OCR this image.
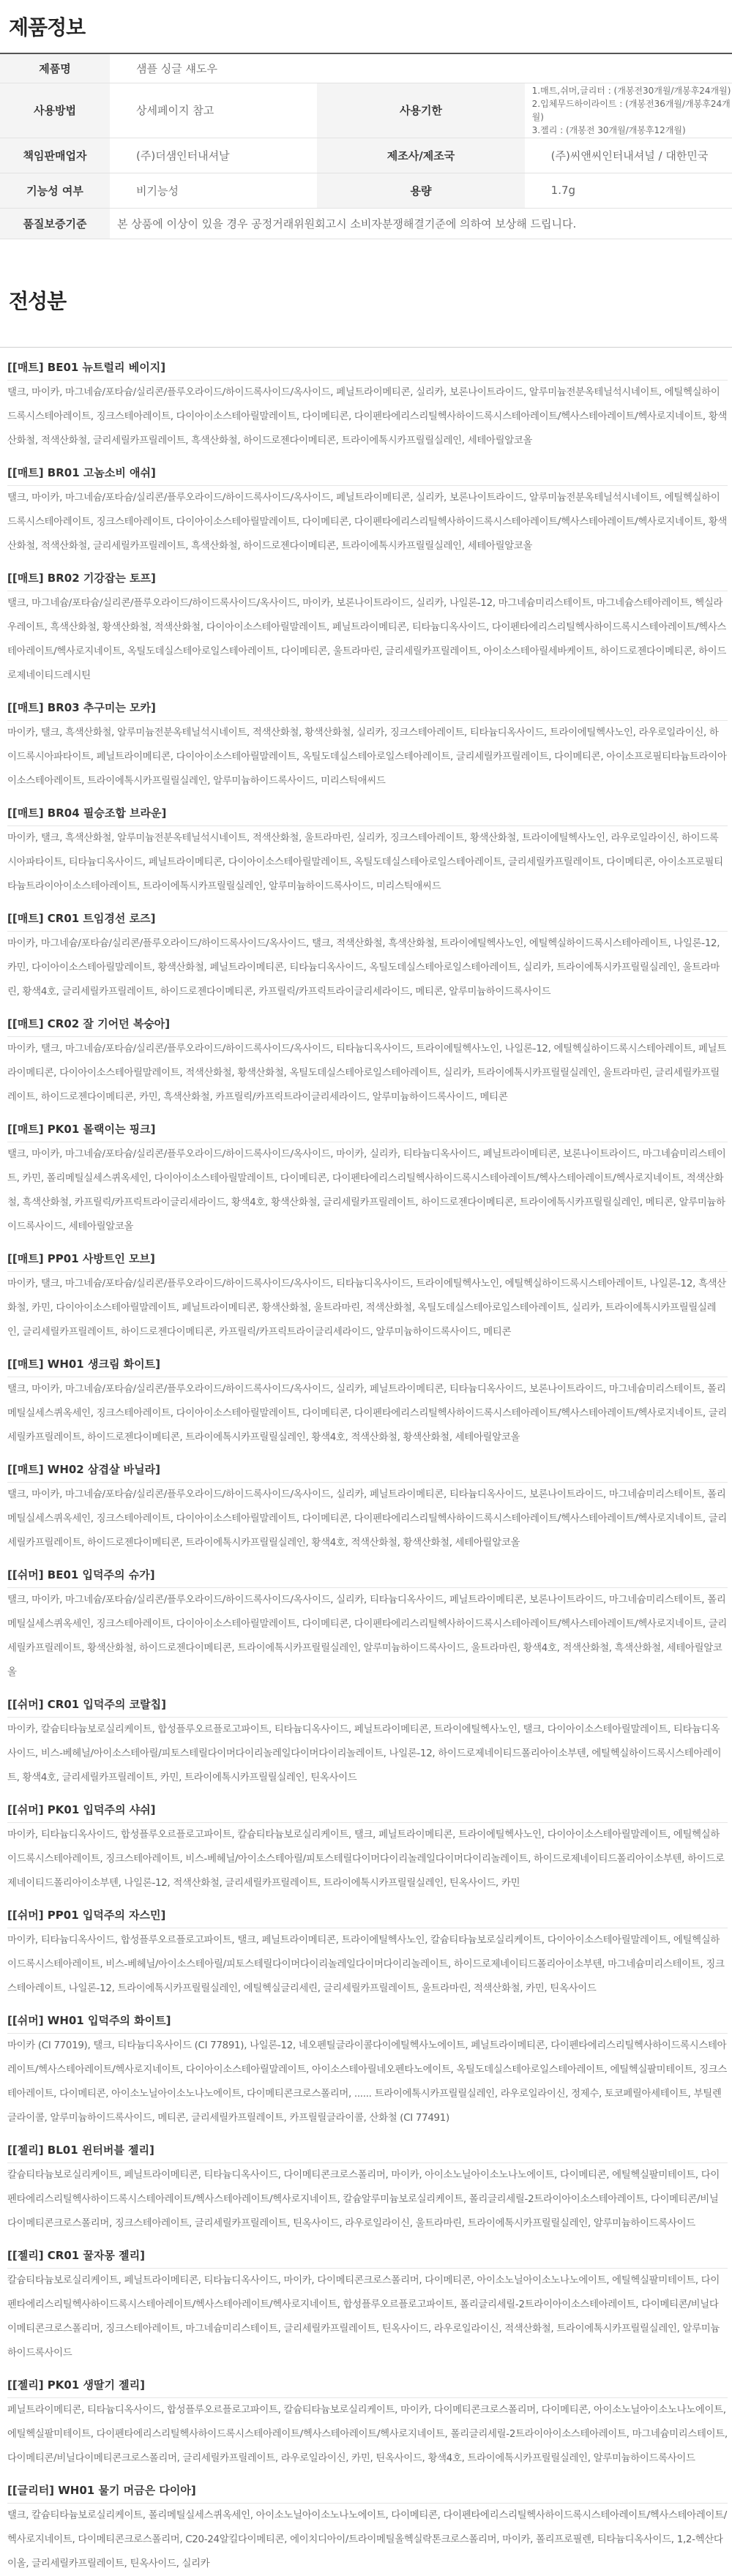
제품정보
제품명	샘플 싱글 섀도우		
사용방법	상세페이지 참고	사용기한	1.매트,쉬머,글리터 : (개봉전30개월/개봉후24개월)
2.입체무드하이라이트 : (개봉전36개월/개봉후24개월)
3.젤리 : (개봉전 30개월/개봉후12개월)

책임판매업자	(주)더샘인터내셔날	제조사/제조국	(주)씨앤씨인터내셔널 / 대한민국
기능성 여부	비기능성	용량	1.7g
품질보증기준	본 상품에 이상이 있을 경우 공정거래위원회고시 소비자분쟁해결기준에 의하여 보상해 드립니다.		
전성분
[[매트] BE01 뉴트럴리 베이지]
탤크, 마이카, 마그네슘/포타슘/실리콘/플루오라이드/하이드록사이드/옥사이드, 페닐트라이메티콘, 실리카, 보론나이트라이드, 알루미늄전분옥테닐석시네이트, 에틸헥실하이드록시스테아레이트, 징크스테아레이트, 다이아이소스테아릴말레이트, 다이메티콘, 다이펜타에리스리틸헥사하이드록시스테아레이트/헥사스테아레이트/헥사로지네이트, 황색산화철, 적색산화철, 글리세릴카프릴레이트, 흑색산화철, 하이드로젠다이메티콘, 트라이에톡시카프릴릴실레인, 세테아릴알코올
[[매트] BR01 고놈소비 애쉬]
탤크, 마이카, 마그네슘/포타슘/실리콘/플루오라이드/하이드록사이드/옥사이드, 페닐트라이메티콘, 실리카, 보론나이트라이드, 알루미늄전분옥테닐석시네이트, 에틸헥실하이드록시스테아레이트, 징크스테아레이트, 다이아이소스테아릴말레이트, 다이메티콘, 다이펜타에리스리틸헥사하이드록시스테아레이트/헥사스테아레이트/헥사로지네이트, 황색산화철, 적색산화철, 글리세릴카프릴레이트, 흑색산화철, 하이드로젠다이메티콘, 트라이에톡시카프릴릴실레인, 세테아릴알코올
[[매트] BR02 기강잡는 토프]
탤크, 마그네슘/포타슘/실리콘/플루오라이드/하이드록사이드/옥사이드, 마이카, 보론나이트라이드, 실리카, 나일론-12, 마그네슘미리스테이트, 마그네슘스테아레이트, 헥실라우레이트, 흑색산화철, 황색산화철, 적색산화철, 다이아이소스테아릴말레이트, 페닐트라이메티콘, 티타늄디옥사이드, 다이펜타에리스리틸헥사하이드록시스테아레이트/헥사스테아레이트/헥사로지네이트, 옥틸도데실스테아로일스테아레이트, 다이메티콘, 울트라마린, 글리세릴카프릴레이트, 아이소스테아릴세바케이트, 하이드로젠다이메티콘, 하이드로제네이티드레시틴
[[매트] BR03 추구미는 모카]
마이카, 탤크, 흑색산화철, 알루미늄전분옥테닐석시네이트, 적색산화철, 황색산화철, 실리카, 징크스테아레이트, 티타늄디옥사이드, 트라이에틸헥사노인, 라우로일라이신, 하이드록시아파타이트, 페닐트라이메티콘, 다이아이소스테아릴말레이트, 옥틸도데실스테아로일스테아레이트, 글리세릴카프릴레이트, 다이메티콘, 아이소프로필티타늄트라이아이소스테아레이트, 트라이에톡시카프릴릴실레인, 알루미늄하이드록사이드, 미리스틱애씨드
[[매트] BR04 필승조합 브라운]
마이카, 탤크, 흑색산화철, 알루미늄전분옥테닐석시네이트, 적색산화철, 울트라마린, 실리카, 징크스테아레이트, 황색산화철, 트라이에틸헥사노인, 라우로일라이신, 하이드록시아파타이트, 티타늄디옥사이드, 페닐트라이메티콘, 다이아이소스테아릴말레이트, 옥틸도데실스테아로일스테아레이트, 글리세릴카프릴레이트, 다이메티콘, 아이소프로필티타늄트라이아이소스테아레이트, 트라이에톡시카프릴릴실레인, 알루미늄하이드록사이드, 미리스틱애씨드
[[매트] CR01 트임경선 로즈]
마이카, 마그네슘/포타슘/실리콘/플루오라이드/하이드록사이드/옥사이드, 탤크, 적색산화철, 흑색산화철, 트라이에틸헥사노인, 에틸헥실하이드록시스테아레이트, 나일론-12, 카민, 다이아이소스테아릴말레이트, 황색산화철, 페닐트라이메티콘, 티타늄디옥사이드, 옥틸도데실스테아로일스테아레이트, 실리카, 트라이에톡시카프릴릴실레인, 울트라마린, 황색4호, 글리세릴카프릴레이트, 하이드로젠다이메티콘, 카프릴릭/카프릭트라이글리세라이드, 메티콘, 알루미늄하이드록사이드
[[매트] CR02 잘 기어던 복숭아]
마이카, 탤크, 마그네슘/포타슘/실리콘/플루오라이드/하이드록사이드/옥사이드, 티타늄디옥사이드, 트라이에틸헥사노인, 나일론-12, 에틸헥실하이드록시스테아레이트, 페닐트라이메티콘, 다이아이소스테아릴말레이트, 적색산화철, 황색산화철, 옥틸도데실스테아로일스테아레이트, 실리카, 트라이에톡시카프릴릴실레인, 울트라마린, 글리세릴카프릴레이트, 하이드로젠다이메티콘, 카민, 흑색산화철, 카프릴릭/카프릭트라이글리세라이드, 알루미늄하이드록사이드, 메티콘
[[매트] PK01 몰랙이는 핑크]
탤크, 마이카, 마그네슘/포타슘/실리콘/플루오라이드/하이드록사이드/옥사이드, 마이카, 실리카, 티타늄디옥사이드, 페닐트라이메티콘, 보론나이트라이드, 마그네슘미리스테이트, 카민, 폴리메틸실세스퀴옥세인, 다이아이소스테아릴말레이트, 다이메티콘, 다이펜타에리스리틸헥사하이드록시스테아레이트/헥사스테아레이트/헥사로지네이트, 적색산화철, 흑색산화철, 카프릴릭/카프릭트라이글리세라이드, 황색4호, 황색산화철, 글리세릴카프릴레이트, 하이드로젠다이메티콘, 트라이에톡시카프릴릴실레인, 메티콘, 알루미늄하이드록사이드, 세테아릴알코올
[[매트] PP01 사방트인 모브]
마이카, 탤크, 마그네슘/포타슘/실리콘/플루오라이드/하이드록사이드/옥사이드, 티타늄디옥사이드, 트라이에틸헥사노인, 에틸헥실하이드록시스테아레이트, 나일론-12, 흑색산화철, 카민, 다이아이소스테아릴말레이트, 페닐트라이메티콘, 황색산화철, 울트라마린, 적색산화철, 옥틸도데실스테아로일스테아레이트, 실리카, 트라이에톡시카프릴릴실레인, 글리세릴카프릴레이트, 하이드로젠다이메티콘, 카프릴릭/카프릭트라이글리세라이드, 알루미늄하이드록사이드, 메티콘
[[매트] WH01 생크림 화이트]
탤크, 마이카, 마그네슘/포타슘/실리콘/플루오라이드/하이드록사이드/옥사이드, 실리카, 페닐트라이메티콘, 티타늄디옥사이드, 보론나이트라이드, 마그네슘미리스테이트, 폴리메틸실세스퀴옥세인, 징크스테아레이트, 다이아이소스테아릴말레이트, 다이메티콘, 다이펜타에리스리틸헥사하이드록시스테아레이트/헥사스테아레이트/헥사로지네이트, 글리세릴카프릴레이트, 하이드로젠다이메티콘, 트라이에톡시카프릴릴실레인, 황색4호, 적색산화철, 황색산화철, 세테아릴알코올
[[매트] WH02 삼겹살 바닐라]
탤크, 마이카, 마그네슘/포타슘/실리콘/플루오라이드/하이드록사이드/옥사이드, 실리카, 페닐트라이메티콘, 티타늄디옥사이드, 보론나이트라이드, 마그네슘미리스테이트, 폴리메틸실세스퀴옥세인, 징크스테아레이트, 다이아이소스테아릴말레이트, 다이메티콘, 다이펜타에리스리틸헥사하이드록시스테아레이트/헥사스테아레이트/헥사로지네이트, 글리세릴카프릴레이트, 하이드로젠다이메티콘, 트라이에톡시카프릴릴실레인, 황색4호, 적색산화철, 황색산화철, 세테아릴알코올
[[쉬머] BE01 입덕주의 슈가]
탤크, 마이카, 마그네슘/포타슘/실리콘/플루오라이드/하이드록사이드/옥사이드, 실리카, 티타늄디옥사이드, 페닐트라이메티콘, 보론나이트라이드, 마그네슘미리스테이트, 폴리메틸실세스퀴옥세인, 징크스테아레이트, 다이아이소스테아릴말레이트, 다이메티콘, 다이펜타에리스리틸헥사하이드록시스테아레이트/헥사스테아레이트/헥사로지네이트, 글리세릴카프릴레이트, 황색산화철, 하이드로젠다이메티콘, 트라이에톡시카프릴릴실레인, 알루미늄하이드록사이드, 울트라마린, 황색4호, 적색산화철, 흑색산화철, 세테아릴알코올
[[쉬머] CR01 입덕주의 코랄칩]
마이카, 칼슘티타늄보로실리케이트, 합성플루오르플로고파이트, 티타늄디옥사이드, 페닐트라이메티콘, 트라이에틸헥사노인, 탤크, 다이아이소스테아릴말레이트, 티타늄디옥사이드, 비스-베헤닐/아이소스테아릴/피토스테릴다이머다이리놀레일다이머다이리놀레이트, 나일론-12, 하이드로제네이티드폴리아이소부텐, 에틸헥실하이드록시스테아레이트, 황색4호, 글리세릴카프릴레이트, 카민, 트라이에톡시카프릴릴실레인, 틴옥사이드
[[쉬머] PK01 입덕주의 샤쉬]
마이카, 티타늄디옥사이드, 합성플루오르플로고파이트, 칼슘티타늄보로실리케이트, 탤크, 페닐트라이메티콘, 트라이에틸헥사노인, 다이아이소스테아릴말레이트, 에틸헥실하이드록시스테아레이트, 징크스테아레이트, 비스-베헤닐/아이소스테아릴/피토스테릴다이머다이리놀레일다이머다이리놀레이트, 하이드로제네이티드폴리아이소부텐, 하이드로제네이티드폴리아이소부텐, 나일론-12, 적색산화철, 글리세릴카프릴레이트, 트라이에톡시카프릴릴실레인, 틴옥사이드, 카민
[[쉬머] PP01 입덕주의 자스민]
마이카, 티타늄디옥사이드, 합성플루오르플로고파이트, 탤크, 페닐트라이메티콘, 트라이에틸헥사노인, 칼슘티타늄보로실리케이트, 다이아이소스테아릴말레이트, 에틸헥실하이드록시스테아레이트, 비스-베헤닐/아이소스테아릴/피토스테릴다이머다이리놀레일다이머다이리놀레이트, 하이드로제네이티드폴리아이소부텐, 마그네슘미리스테이트, 징크스테아레이트, 나일론-12, 트라이에톡시카프릴릴실레인, 에틸헥실글리세린, 글리세릴카프릴레이트, 울트라마린, 적색산화철, 카민, 틴옥사이드
[[쉬머] WH01 입덕주의 화이트]
마이카 (CI 77019), 탤크, 티타늄디옥사이드 (CI 77891), 나일론-12, 네오펜틸글라이콜다이에틸헥사노에이트, 페닐트라이메티콘, 다이펜타에리스리틸헥사하이드록시스테아레이트/헥사스테아레이트/헥사로지네이트, 다이아이소스테아릴말레이트, 아이소스테아릴네오펜타노에이트, 옥틸도데실스테아로일스테아레이트, 에틸헥실팔미테이트, 징크스테아레이트, 다이메티콘, 아이소노닐아이소노나노에이트, 다이메티콘크로스폴리머, ...... 트라이에톡시카프릴릴실레인, 라우로일라이신, 정제수, 토코페릴아세테이트, 부틸렌글라이콜, 알루미늄하이드록사이드, 메티콘, 글리세릴카프릴레이트, 카프릴릴글라이콜, 산화철 (CI 77491)
[[젤리] BL01 윈터버블 젤리]
칼슘티타늄보로실리케이트, 페닐트라이메티콘, 티타늄디옥사이드, 다이메티콘크로스폴리머, 마이카, 아이소노닐아이소노나노에이트, 다이메티콘, 에틸헥실팔미테이트, 다이펜타에리스리틸헥사하이드록시스테아레이트/헥사스테아레이트/헥사로지네이트, 칼슘알루미늄보로실리케이트, 폴리글리세릴-2트라이아이소스테아레이트, 다이메티콘/비닐다이메티콘크로스폴리머, 징크스테아레이트, 글리세릴카프릴레이트, 틴옥사이드, 라우로일라이신, 울트라마린, 트라이에톡시카프릴릴실레인, 알루미늄하이드록사이드
[[젤리] CR01 꿀자몽 젤리]
칼슘티타늄보로실리케이트, 페닐트라이메티콘, 티타늄디옥사이드, 마이카, 다이메티콘크로스폴리머, 다이메티콘, 아이소노닐아이소노나노에이트, 에틸헥실팔미테이트, 다이펜타에리스리틸헥사하이드록시스테아레이트/헥사스테아레이트/헥사로지네이트, 합성플루오르플로고파이트, 폴리글리세릴-2트라이아이소스테아레이트, 다이메티콘/비닐다이메티콘크로스폴리머, 징크스테아레이트, 마그네슘미리스테이트, 글리세릴카프릴레이트, 틴옥사이드, 라우로일라이신, 적색산화철, 트라이에톡시카프릴릴실레인, 알루미늄하이드록사이드
[[젤리] PK01 생딸기 젤리]
페닐트라이메티콘, 티타늄디옥사이드, 합성플루오르플로고파이트, 칼슘티타늄보로실리케이트, 마이카, 다이메티콘크로스폴리머, 다이메티콘, 아이소노닐아이소노나노에이트, 에틸헥실팔미테이트, 다이펜타에리스리틸헥사하이드록시스테아레이트/헥사스테아레이트/헥사로지네이트, 폴리글리세릴-2트라이아이소스테아레이트, 마그네슘미리스테이트, 다이메티콘/비닐다이메티콘크로스폴리머, 글리세릴카프릴레이트, 라우로일라이신, 카민, 틴옥사이드, 황색4호, 트라이에톡시카프릴릴실레인, 알루미늄하이드록사이드
[[글리터] WH01 물기 머금은 다이아]
탤크, 칼슘티타늄보로실리케이트, 폴리메틸실세스퀴옥세인, 아이소노닐아이소노나노에이트, 다이메티콘, 다이펜타에리스리틸헥사하이드록시스테아레이트/헥사스테아레이트/헥사로지네이트, 다이메티콘크로스폴리머, C20-24알킬다이메티콘, 에이치디아이/트라이메틸올헥실락톤크로스폴리머, 마이카, 폴리프로필렌, 티타늄디옥사이드, 1,2-헥산다이올, 글리세릴카프릴레이트, 틴옥사이드, 실리카
